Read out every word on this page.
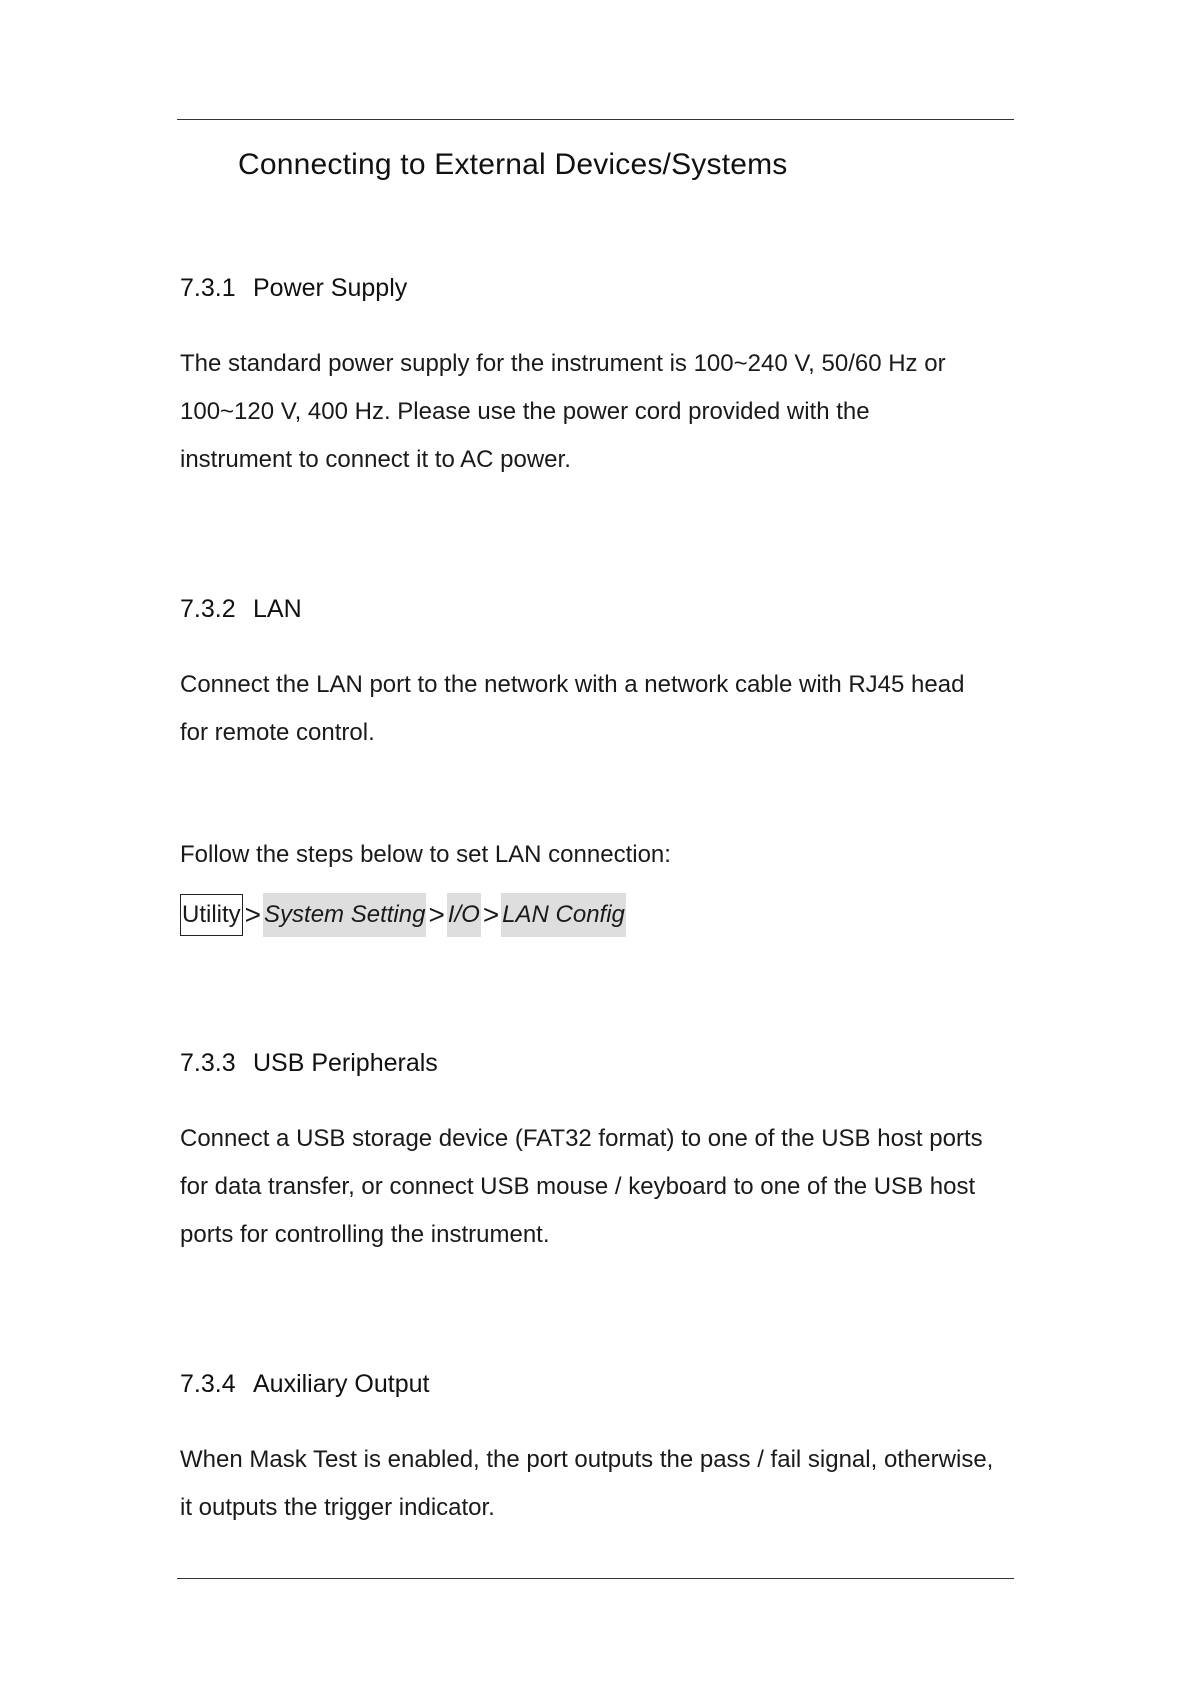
Connecting to External Devices/Systems
7.3.1 Power Supply

The standard power supply for the instrument is 100~240 V, 50/60 Hz or
100~120 V, 400 Hz. Please use the power cord provided with the
instrument to connect it to AC power.

7.3.2 LAN

Connect the LAN port to the network with a network cable with RJ45 head
for remote control.

Follow the steps below to set LAN connection:

Utility > System Setting > I/O > LAN Config
7.3.3 USB Peripherals

Connect a USB storage device (FAT32 format) to one of the USB host ports
for data transfer, or connect USB mouse / keyboard to one of the USB host
ports for controlling the instrument.

7.3.4 Auxiliary Output

When Mask Test is enabled, the port outputs the pass / fail signal, otherwise,
it outputs the trigger indicator.
